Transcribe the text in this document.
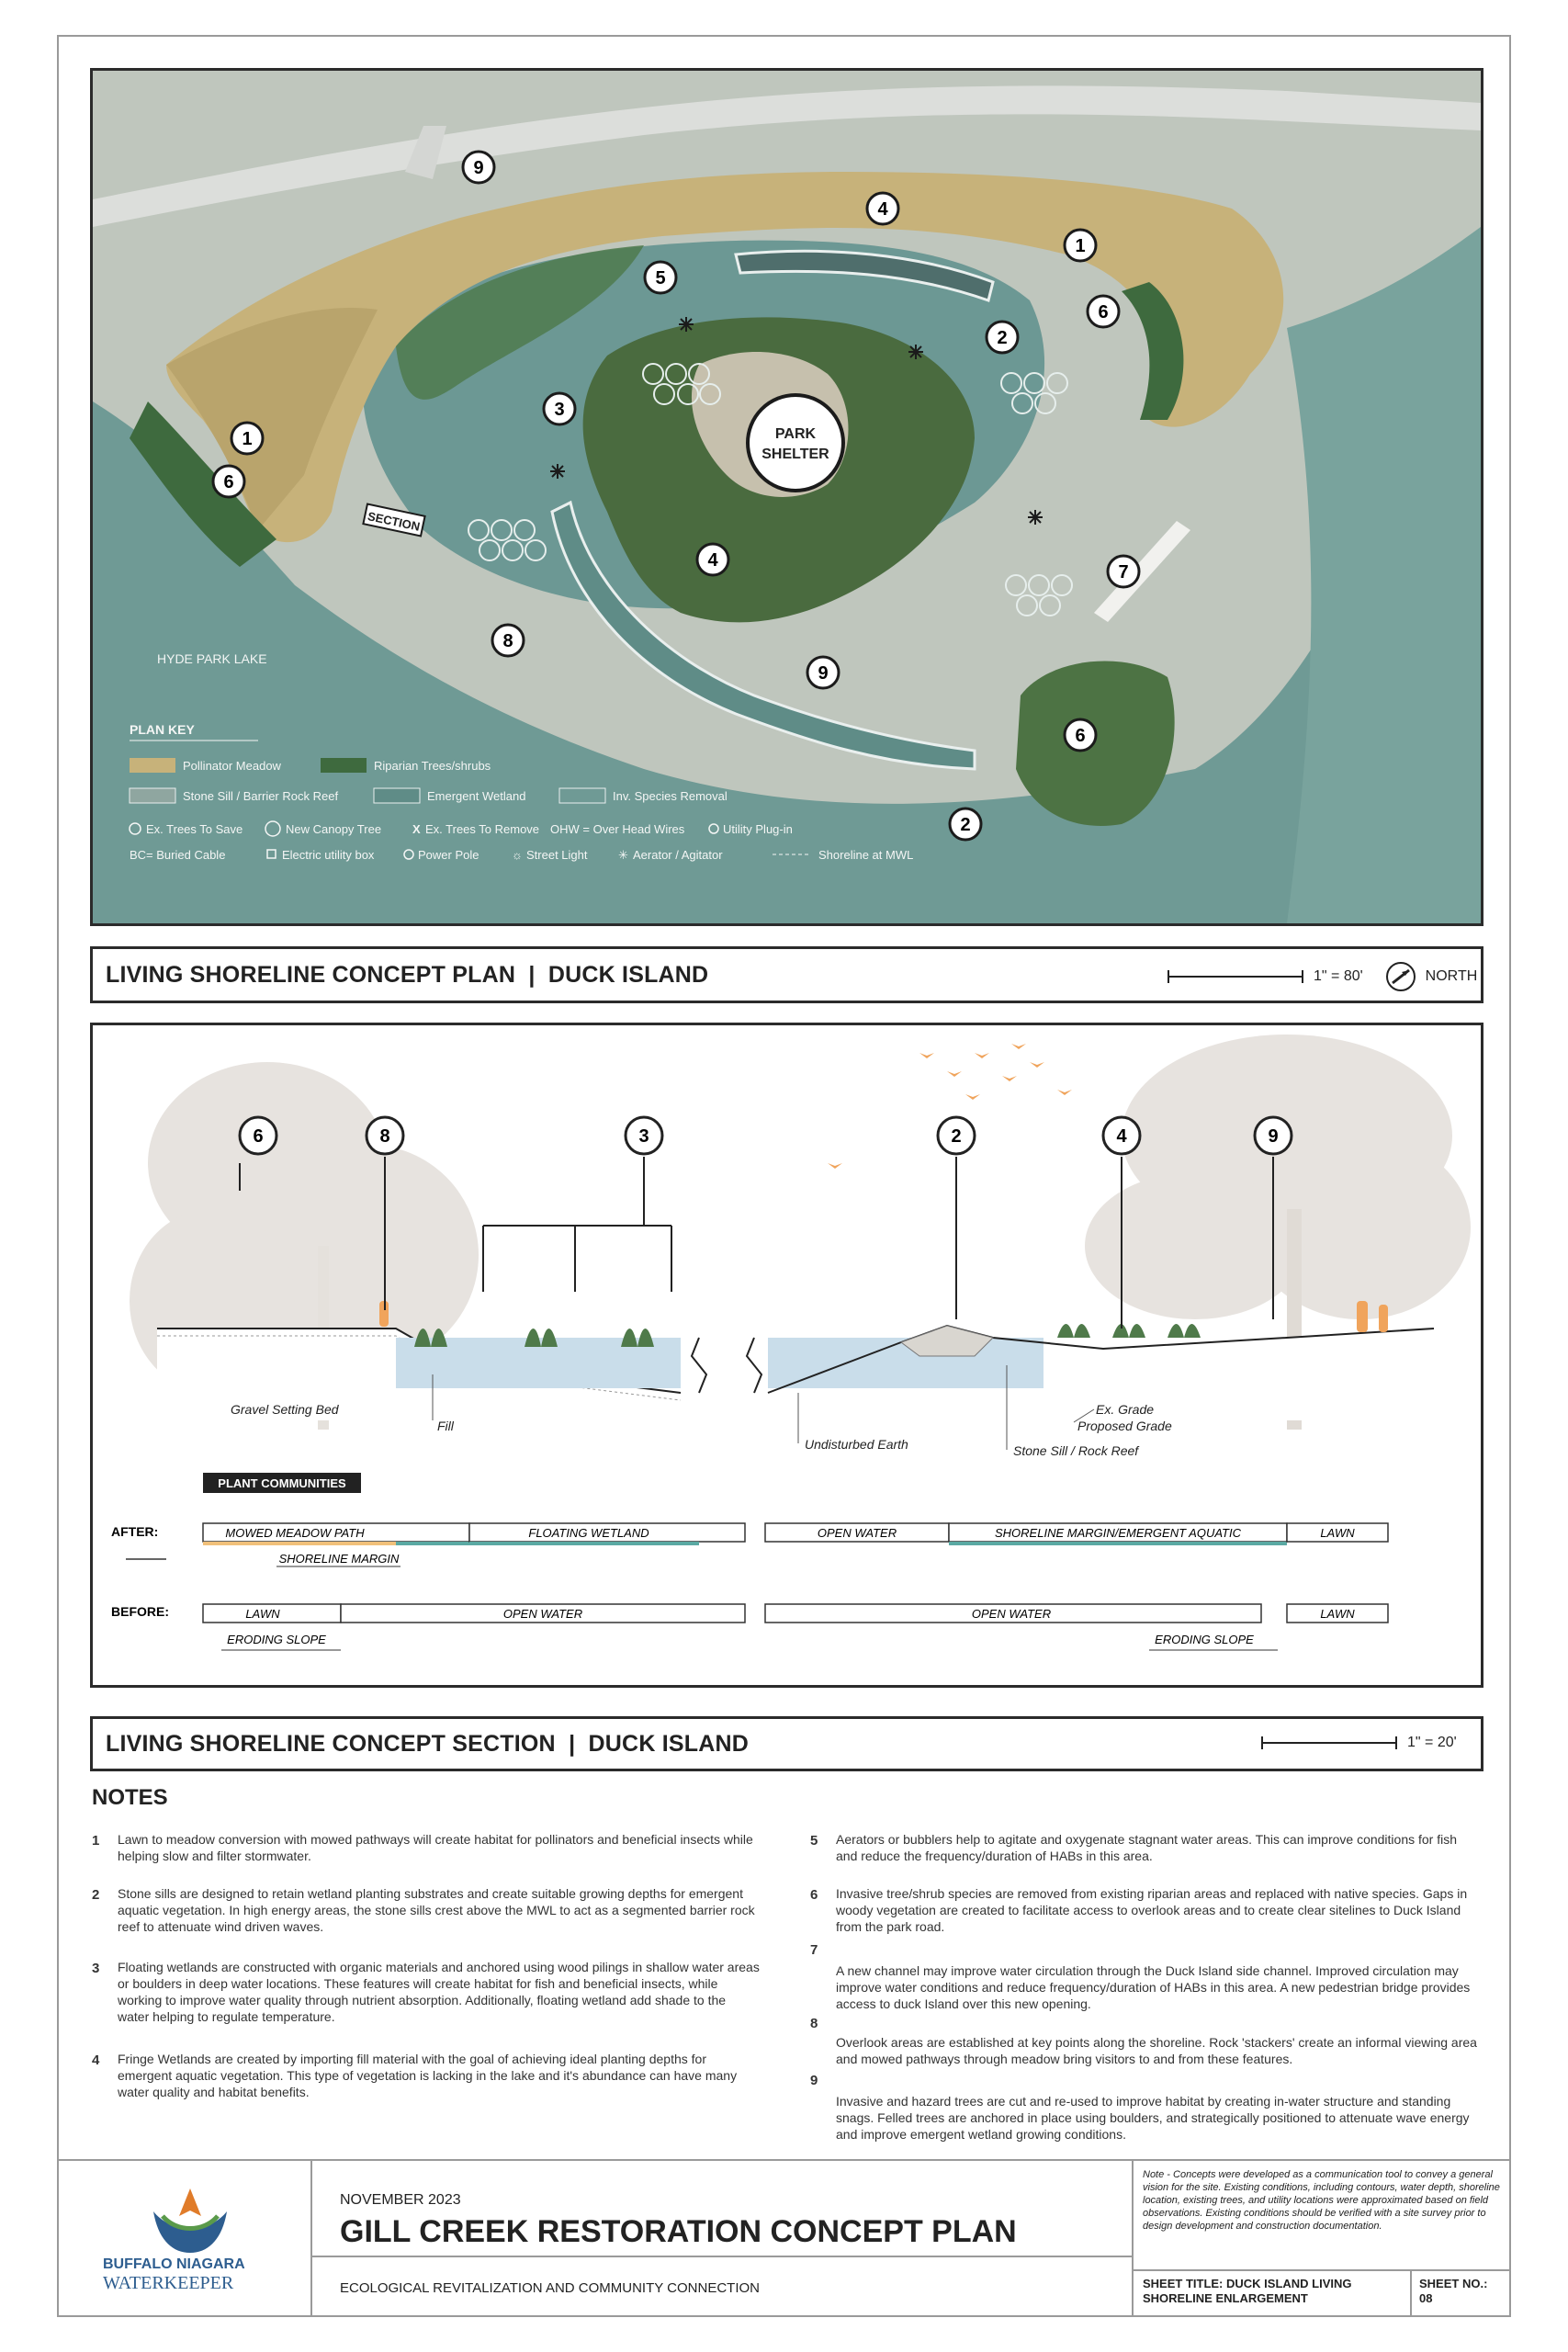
PARK
SHELTER
SECTION
HYDE PARK LAKE
9
4
1
5
2
6
3
1
6
8
4
7
9
6
2
PLAN KEY
Pollinator Meadow	Riparian Trees/shrubs
Stone Sill / Barrier Rock Reef	Emergent Wetland	Inv. Species Removal
Ex. Trees To Save	New Canopy Tree	X Ex. Trees To Remove OHW = Over Head Wires	Utility Plug-in
BC= Buried Cable	Electric utility box	Power Pole	☼ Street Light	✳ Aerator / Agitator	Shoreline at MWL
LIVING SHORELINE CONCEPT PLAN  |  DUCK ISLAND	1" = 80'	NORTH
6	8	3	2	4	9
Gravel Setting Bed
Fill
Undisturbed Earth
Ex. Grade
Proposed Grade
Stone Sill / Rock Reef
PLANT COMMUNITIES
AFTER:
BEFORE:
MOWED MEADOW PATH	FLOATING WETLAND	OPEN WATER	SHORELINE MARGIN/EMERGENT AQUATIC	LAWN
SHORELINE MARGIN
LAWN	OPEN WATER	OPEN WATER	LAWN
ERODING SLOPE	ERODING SLOPE
LIVING SHORELINE CONCEPT SECTION  |  DUCK ISLAND	1" = 20'
NOTES
1 Lawn to meadow conversion with mowed pathways will create habitat for pollinators and beneficial insects while helping slow and filter stormwater.
2 Stone sills are designed to retain wetland planting substrates and create suitable growing depths for emergent aquatic vegetation. In high energy areas, the stone sills crest above the MWL to act as a segmented barrier rock reef to attenuate wind driven waves.
3 Floating wetlands are constructed with organic materials and anchored using wood pilings in shallow water areas or boulders in deep water locations. These features will create habitat for fish and beneficial insects, while working to improve water quality through nutrient absorption. Additionally, floating wetland add shade to the water helping to regulate temperature.
4 Fringe Wetlands are created by importing fill material with the goal of achieving ideal planting depths for emergent aquatic vegetation. This type of vegetation is lacking in the lake and it's abundance can have many water quality and habitat benefits.
5 Aerators or bubblers help to agitate and oxygenate stagnant water areas. This can improve conditions for fish and reduce the frequency/duration of HABs in this area.
6 Invasive tree/shrub species are removed from existing riparian areas and replaced with native species. Gaps in woody vegetation are created to facilitate access to overlook areas and to create clear sitelines to Duck Island from the park road.
7
A new channel may improve water circulation through the Duck Island side channel. Improved circulation may improve water conditions and reduce frequency/duration of HABs in this area. A new pedestrian bridge provides access to duck Island over this new opening.
8
Overlook areas are established at key points along the shoreline. Rock 'stackers' create an informal viewing area and mowed pathways through meadow bring visitors to and from these features.
9
Invasive and hazard trees are cut and re-used to improve habitat by creating in-water structure and standing snags. Felled trees are anchored in place using boulders, and strategically positioned to attenuate wave energy and improve emergent wetland growing conditions.
BUFFALO NIAGARA
WATERKEEPER
NOVEMBER 2023
GILL CREEK RESTORATION CONCEPT PLAN
ECOLOGICAL REVITALIZATION AND COMMUNITY CONNECTION
Note - Concepts were developed as a communication tool to convey a general vision for the site. Existing conditions, including contours, water depth, shoreline location, existing trees, and utility locations were approximated based on field observations. Existing conditions should be verified with a site survey prior to design development and construction documentation.
SHEET TITLE: DUCK ISLAND LIVING SHORELINE ENLARGEMENT
SHEET NO.:
08
